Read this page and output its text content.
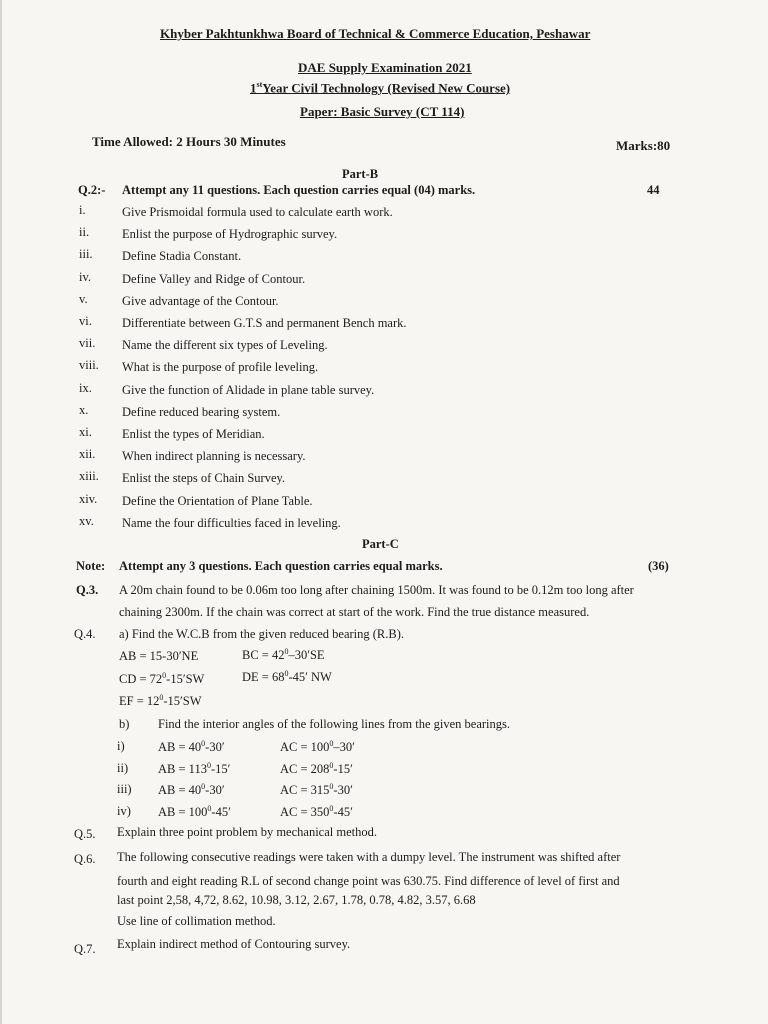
Khyber Pakhtunkhwa Board of Technical & Commerce Education, Peshawar
DAE Supply Examination 2021
1stYear Civil Technology (Revised New Course)
Paper: Basic Survey (CT 114)
Time Allowed: 2 Hours 30 Minutes	Marks:80
Part-B
Q.2:- Attempt any 11 questions. Each question carries equal (04) marks.	44
i.	Give Prismoidal formula used to calculate earth work.
ii.	Enlist the purpose of Hydrographic survey.
iii. Define Stadia Constant.
iv. Define Valley and Ridge of Contour.
v.	Give advantage of the Contour.
vi. Differentiate between G.T.S and permanent Bench mark.
vii. Name the different six types of Leveling.
viii. What is the purpose of profile leveling.
ix. Give the function of Alidade in plane table survey.
x.	Define reduced bearing system.
xi. Enlist the types of Meridian.
xii. When indirect planning is necessary.
xiii. Enlist the steps of Chain Survey.
xiv. Define the Orientation of Plane Table.
xv. Name the four difficulties faced in leveling.
Part-C
Note: Attempt any 3 questions. Each question carries equal marks.	(36)
Q.3. A 20m chain found to be 0.06m too long after chaining 1500m. It was found to be 0.12m too long after
chaining 2300m. If the chain was correct at start of the work. Find the true distance measured.
Q.4. a) Find the W.C.B from the given reduced bearing (R.B).
AB = 15-30′NE	BC = $42^0-30'SE$
CD = $72^0-15'SW$	DE = $68^0-45'$ NW
EF = $12^0-15'SW$
b) Find the interior angles of the following lines from the given bearings.
i)	AB = $40^0-30'$	AC = $100^0-30'$
ii) AB = $113^0-15'$	AC = $208^0-15'$
iii) AB = $40^0-30'$	AC = $315^0-30'$
iv) AB = $100^0-45'$	AC = $350^0-45'$
Q.5. Explain three point problem by mechanical method.
Q.6. The following consecutive readings were taken with a dumpy level. The instrument was shifted after
fourth and eight reading R.L of second change point was 630.75. Find difference of level of first and
last point 2,58, 4,72, 8.62, 10.98, 3.12, 2.67, 1.78, 0.78, 4.82, 3.57, 6.68
Use line of collimation method.
Q.7. Explain indirect method of Contouring survey.
